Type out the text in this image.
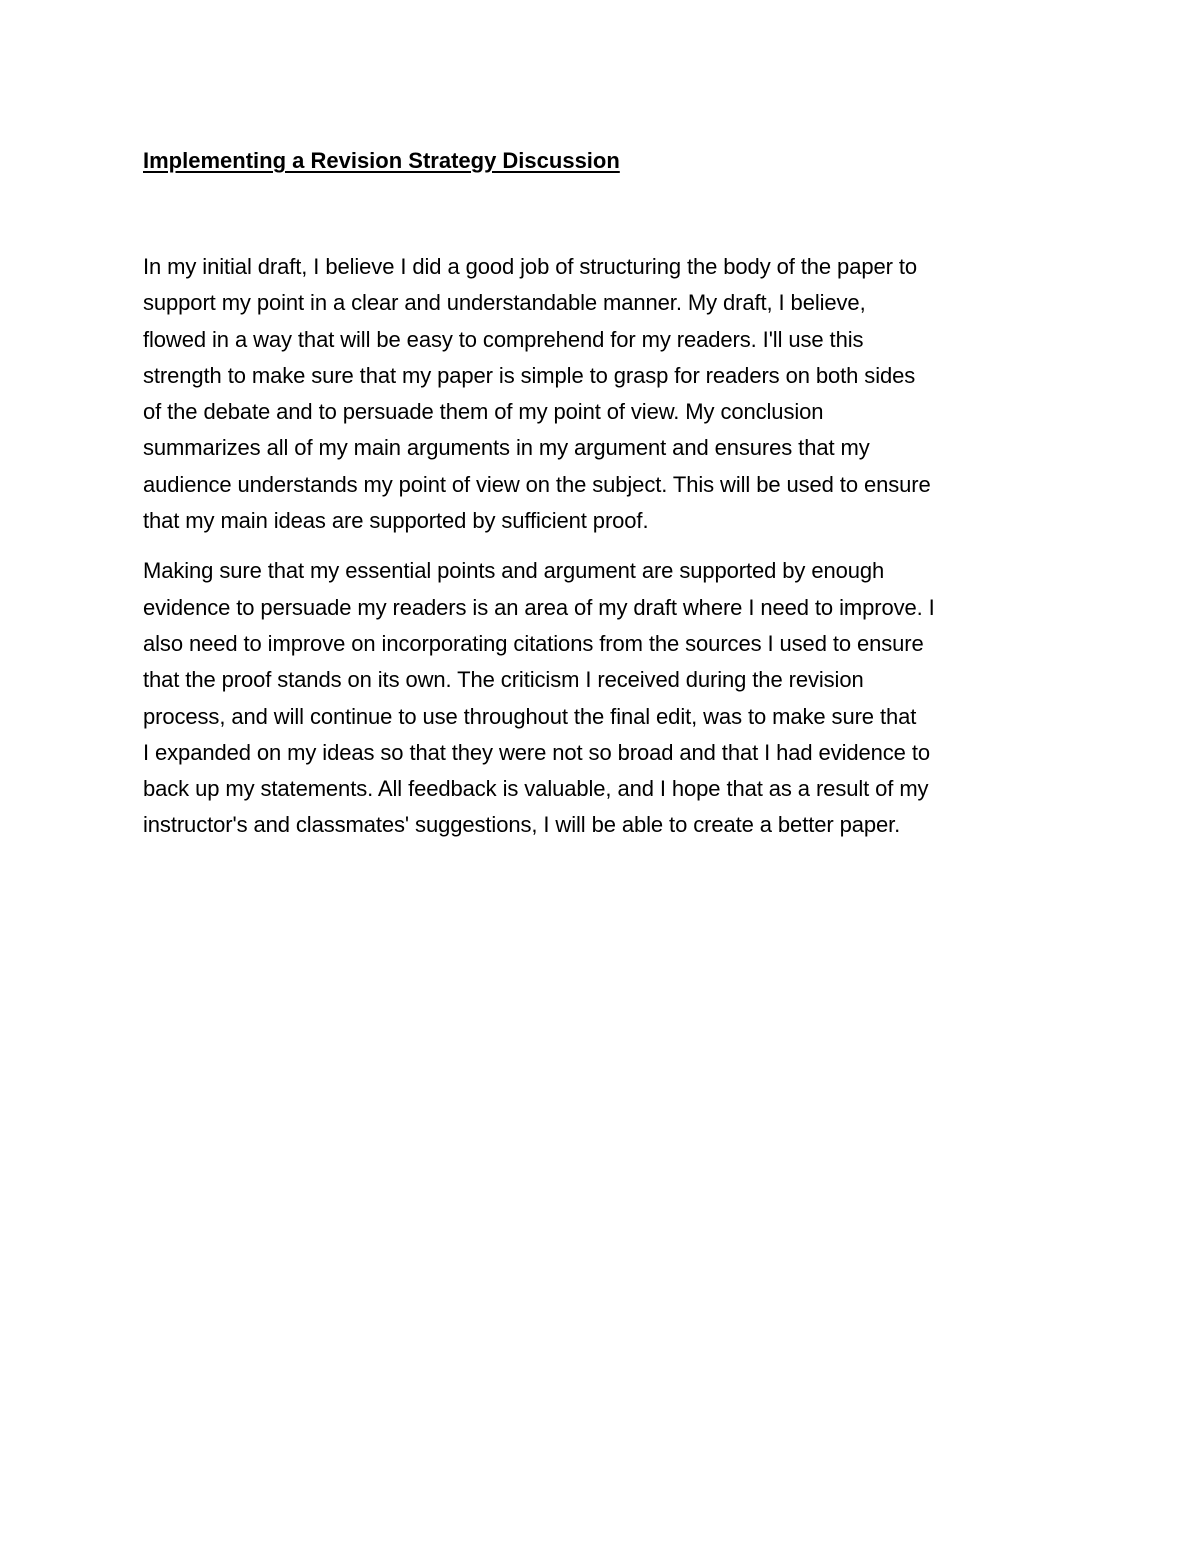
Implementing a Revision Strategy Discussion
In my initial draft, I believe I did a good job of structuring the body of the paper to
support my point in a clear and understandable manner. My draft, I believe,
flowed in a way that will be easy to comprehend for my readers. I'll use this
strength to make sure that my paper is simple to grasp for readers on both sides
of the debate and to persuade them of my point of view. My conclusion
summarizes all of my main arguments in my argument and ensures that my
audience understands my point of view on the subject. This will be used to ensure
that my main ideas are supported by sufficient proof.
Making sure that my essential points and argument are supported by enough
evidence to persuade my readers is an area of my draft where I need to improve. I
also need to improve on incorporating citations from the sources I used to ensure
that the proof stands on its own. The criticism I received during the revision
process, and will continue to use throughout the final edit, was to make sure that
I expanded on my ideas so that they were not so broad and that I had evidence to
back up my statements. All feedback is valuable, and I hope that as a result of my
instructor's and classmates' suggestions, I will be able to create a better paper.
